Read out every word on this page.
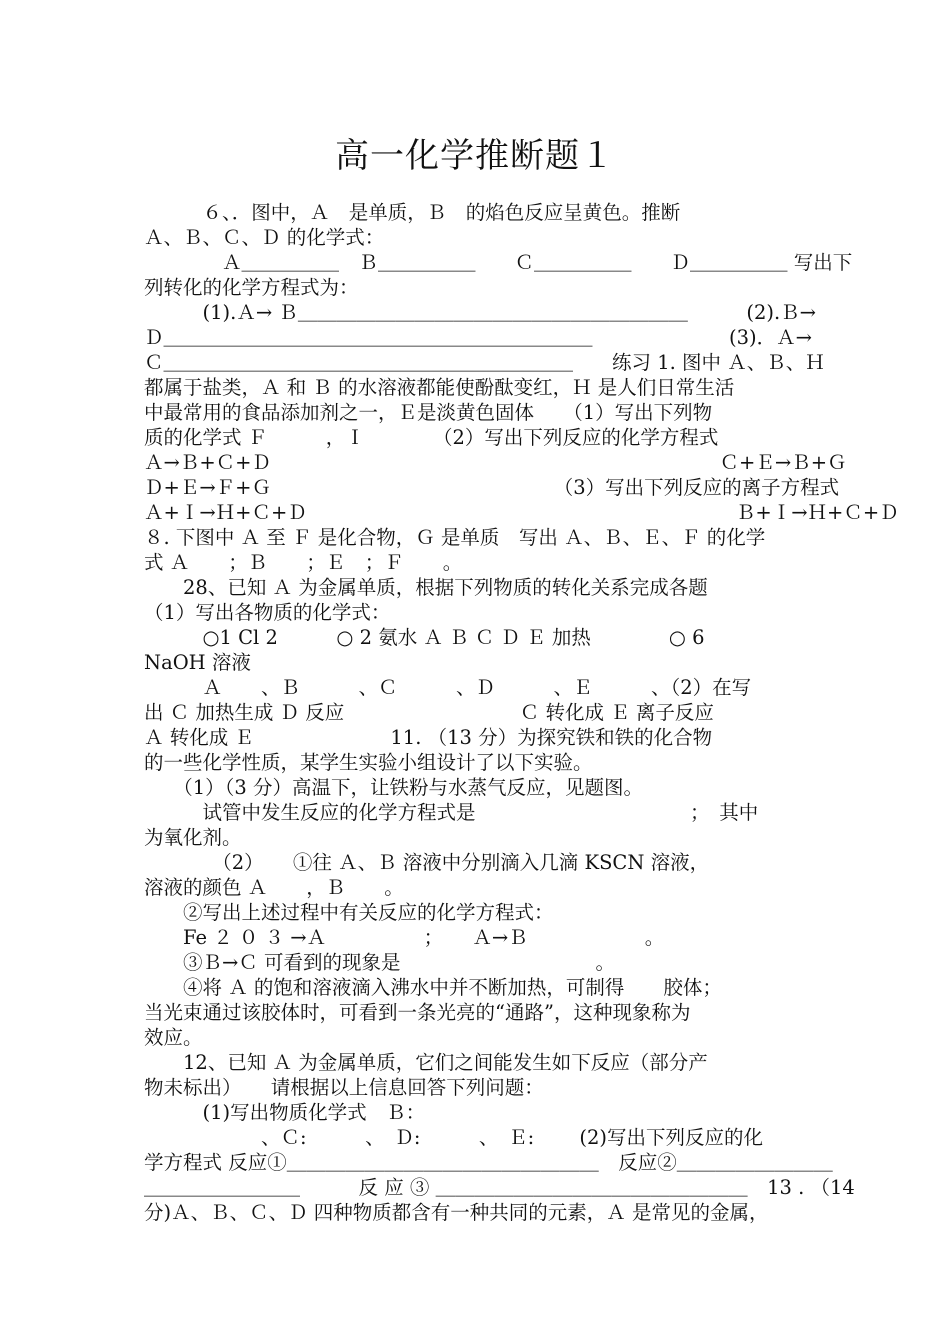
高一化学推断题１
　　　６、．图中，Ａ　是单质，Ｂ　的焰色反应呈黄色。推断
Ａ、Ｂ、Ｃ、Ｄ 的化学式：
　　　　Ａ＿＿＿＿＿　Ｂ＿＿＿＿＿　　Ｃ＿＿＿＿＿　　Ｄ＿＿＿＿＿ 写出下
列转化的化学方程式为：
　　　(1).Ａ→ Ｂ＿＿＿＿＿＿＿＿＿＿＿＿＿＿＿＿＿＿＿＿　　　(2).Ｂ→
Ｄ＿＿＿＿＿＿＿＿＿＿＿＿＿＿＿＿＿＿＿＿＿＿　　　　　　　(3)．Ａ→
Ｃ＿＿＿＿＿＿＿＿＿＿＿＿＿＿＿＿＿＿＿＿＿　　练习 1. 图中 Ａ、Ｂ、Ｈ
都属于盐类，Ａ 和 Ｂ 的水溶液都能使酚酞变红，Ｈ 是人们日常生活
中最常用的食品添加剂之一，Ｅ是淡黄色固体　　（1）写出下列物
质的化学式 Ｆ　　　，Ｉ　　　　（2）写出下列反应的化学方程式
Ａ→Ｂ+Ｃ+Ｄ　　　　　　　　　　　　　　　　　　　　　　　Ｃ+Ｅ→Ｂ+Ｇ
Ｄ+Ｅ→Ｆ+Ｇ　　　　　　　　　　　　　　　（3）写出下列反应的离子方程式
Ａ+Ｉ→Ｈ+Ｃ+Ｄ　　　　　　　　　　　　　　　　　　　　　　Ｂ+Ｉ→Ｈ+Ｃ+Ｄ
８. 下图中 Ａ 至 Ｆ 是化合物，Ｇ 是单质　写出 Ａ、Ｂ、Ｅ、Ｆ 的化学
式 Ａ　　；Ｂ　　；Ｅ　；Ｆ　　。
　　28、已知 Ａ 为金属单质，根据下列物质的转化关系完成各题
（1）写出各物质的化学式：
　　　○1 Cl 2　　　○ 2 氨水 Ａ Ｂ Ｃ Ｄ Ｅ 加热　　　　○ 6
NaOH 溶液
　　　Ａ　　、Ｂ　　　、Ｃ　　　、Ｄ　　　、Ｅ　　　、（2）在写
出 Ｃ 加热生成 Ｄ 反应　　　　　　　　　Ｃ 转化成 Ｅ 离子反应
Ａ 转化成 Ｅ　　　　　　　11. （13 分）为探究铁和铁的化合物
的一些化学性质，某学生实验小组设计了以下实验。
　　（1）（3 分）高温下，让铁粉与水蒸气反应，见题图。
　　　试管中发生反应的化学方程式是　　　　　　　　　　　；　其中
为氧化剂。
　　　　（2）　　①往 Ａ、Ｂ 溶液中分别滴入几滴 KSCN 溶液，
溶液的颜色 Ａ　　，Ｂ　　。
　　②写出上述过程中有关反应的化学方程式：
　　Fe ２ ０ ３ →Ａ　　　　　；　　Ａ→Ｂ　　　　　　。
　　③Ｂ→Ｃ 可看到的现象是　　　　　　　　　　。
　　④将 Ａ 的饱和溶液滴入沸水中并不断加热，可制得　　胶体；
当光束通过该胶体时，可看到一条光亮的“通路”，这种现象称为
效应。
　　12、已知 Ａ 为金属单质，它们之间能发生如下反应（部分产
物未标出）　　请根据以上信息回答下列问题：
　　　(1)写出物质化学式　Ｂ：
　　　　　　、Ｃ:　　　、　Ｄ:　　　、　Ｅ:　　 (2)写出下列反应的化
学方程式 反应①＿＿＿＿＿＿＿＿＿＿＿＿＿＿＿＿　反应②＿＿＿＿＿＿＿＿
＿＿＿＿＿＿＿＿　　　反 应 ③ ＿＿＿＿＿＿＿＿＿＿＿＿＿＿＿＿　13 . （14
分)Ａ、Ｂ、Ｃ、Ｄ 四种物质都含有一种共同的元素，Ａ 是常见的金属，
